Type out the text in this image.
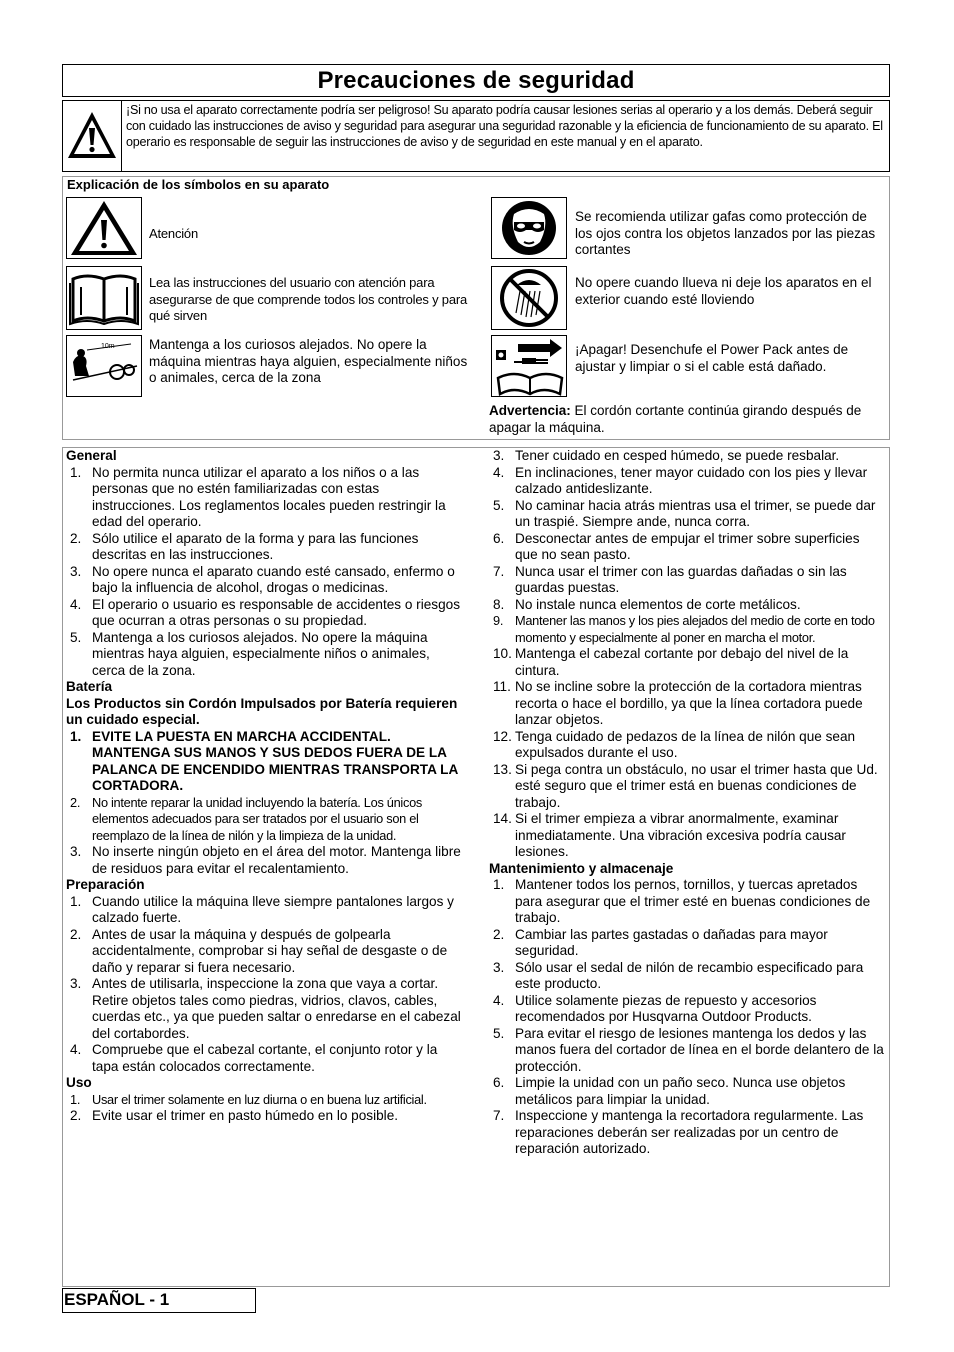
Precauciones de seguridad
¡Si no usa el aparato correctamente podría ser peligroso! Su aparato podría causar lesiones serias al operario y a los demás. Deberá seguir con cuidado las instrucciones de aviso y seguridad para asegurar una seguridad razonable y la eficiencia de funcionamiento de su aparato. El operario es responsable de seguir las instrucciones de aviso y de seguridad en este manual y en el aparato.
Explicación de los símbolos en su aparato
Atención
Lea las instrucciones del usuario con atención para asegurarse de que comprende todos los controles y para qué sirven
10m	Mantenga a los curiosos alejados. No opere la máquina mientras haya alguien, especialmente niños o animales, cerca de la zona
Se recomienda utilizar gafas como protección de los ojos contra los objetos lanzados por las piezas cortantes
No opere cuando llueva ni deje los aparatos en el exterior cuando esté lloviendo
¡Apagar! Desenchufe el Power Pack antes de ajustar y limpiar o si el cable está dañado.
Advertencia: El cordón cortante continúa girando después de apagar la máquina.
General
1. No permita nunca utilizar el aparato a los niños o a las personas que no estén familiarizadas con estas instrucciones. Los reglamentos locales pueden restringir la edad del operario.
2. Sólo utilice el aparato de la forma y para las funciones descritas en las instrucciones.
3. No opere nunca el aparato cuando esté cansado, enfermo o bajo la influencia de alcohol, drogas o medicinas.
4. El operario o usuario es responsable de accidentes o riesgos que ocurran a otras personas o su propiedad.
5. Mantenga a los curiosos alejados. No opere la máquina mientras haya alguien, especialmente niños o animales, cerca de la zona.
Batería
Los Productos sin Cordón Impulsados por Batería requieren un cuidado especial.
1. EVITE LA PUESTA EN MARCHA ACCIDENTAL. MANTENGA SUS MANOS Y SUS DEDOS FUERA DE LA PALANCA DE ENCENDIDO MIENTRAS TRANSPORTA LA CORTADORA.
2. No intente reparar la unidad incluyendo la batería. Los únicos elementos adecuados para ser tratados por el usuario son el reemplazo de la línea de nilón y la limpieza de la unidad.
3. No inserte ningún objeto en el área del motor. Mantenga libre de residuos para evitar el recalentamiento.
Preparación
1. Cuando utilice la máquina lleve siempre pantalones largos y calzado fuerte.
2. Antes de usar la máquina y después de golpearla accidentalmente, comprobar si hay señal de desgaste o de daño y reparar si fuera necesario.
3. Antes de utilisarla, inspeccione la zona que vaya a cortar. Retire objetos tales como piedras, vidrios, clavos, cables, cuerdas etc., ya que pueden saltar o enredarse en el cabezal del cortabordes.
4. Compruebe que el cabezal cortante, el conjunto rotor y la tapa están colocados correctamente.
Uso
1. Usar el trimer solamente en luz diurna o en buena luz artificial.
2. Evite usar el trimer en pasto húmedo en lo posible.
3. Tener cuidado en cesped húmedo, se puede resbalar.
4. En inclinaciones, tener mayor cuidado con los pies y llevar calzado antideslizante.
5. No caminar hacia atrás mientras usa el trimer, se puede dar un traspié. Siempre ande, nunca corra.
6. Desconectar antes de empujar el trimer sobre superficies que no sean pasto.
7. Nunca usar el trimer con las guardas dañadas o sin las guardas puestas.
8. No instale nunca elementos de corte metálicos.
9. Mantener las manos y los pies alejados del medio de corte en todo momento y especialmente al poner en marcha el motor.
10. Mantenga el cabezal cortante por debajo del nivel de la cintura.
11. No se incline sobre la protección de la cortadora mientras recorta o hace el bordillo, ya que la línea cortadora puede lanzar objetos.
12. Tenga cuidado de pedazos de la línea de nilón que sean expulsados durante el uso.
13. Si pega contra un obstáculo, no usar el trimer hasta que Ud. esté seguro que el trimer está en buenas condiciones de trabajo.
14. Si el trimer empieza a vibrar anormalmente, examinar inmediatamente. Una vibración excesiva podría causar lesiones.
Mantenimiento y almacenaje
1. Mantener todos los pernos, tornillos, y tuercas apretados para asegurar que el trimer esté en buenas condiciones de trabajo.
2. Cambiar las partes gastadas o dañadas para mayor seguridad.
3. Sólo usar el sedal de nilón de recambio especificado para este producto.
4. Utilice solamente piezas de repuesto y accesorios recomendados por Husqvarna Outdoor Products.
5. Para evitar el riesgo de lesiones mantenga los dedos y las manos fuera del cortador de línea en el borde delantero de la protección.
6. Limpie la unidad con un paño seco. Nunca use objetos metálicos para limpiar la unidad.
7. Inspeccione y mantenga la recortadora regularmente. Las reparaciones deberán ser realizadas por un centro de reparación autorizado.
ESPAÑOL - 1
